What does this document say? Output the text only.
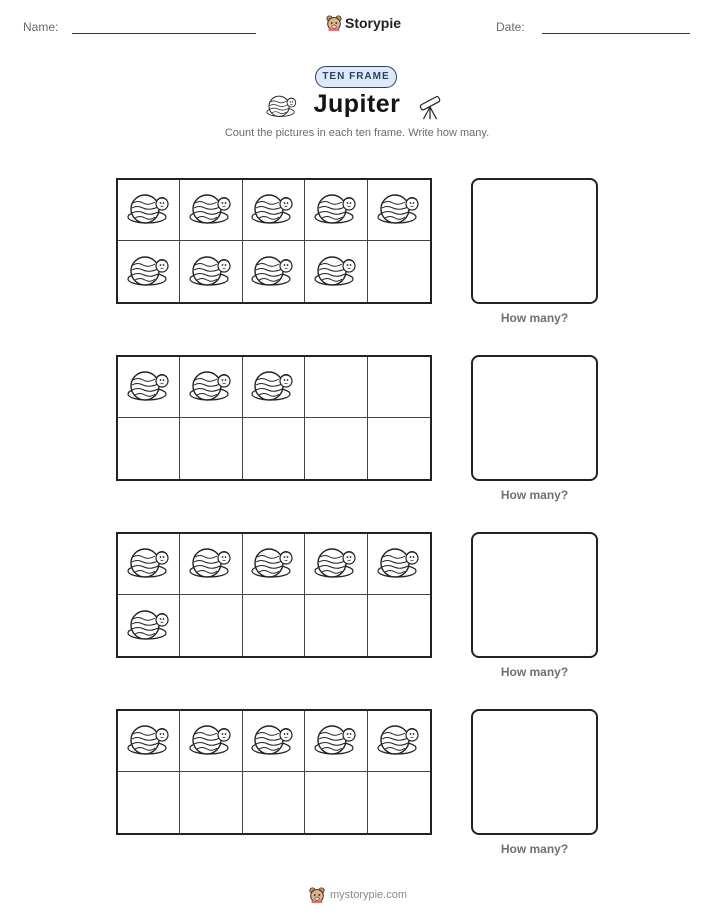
Name:	Storypie	Date:
TEN FRAME
Jupiter
Count the pictures in each ten frame. Write how many.
How many?
How many?
How many?
How many?
mystorypie.com
